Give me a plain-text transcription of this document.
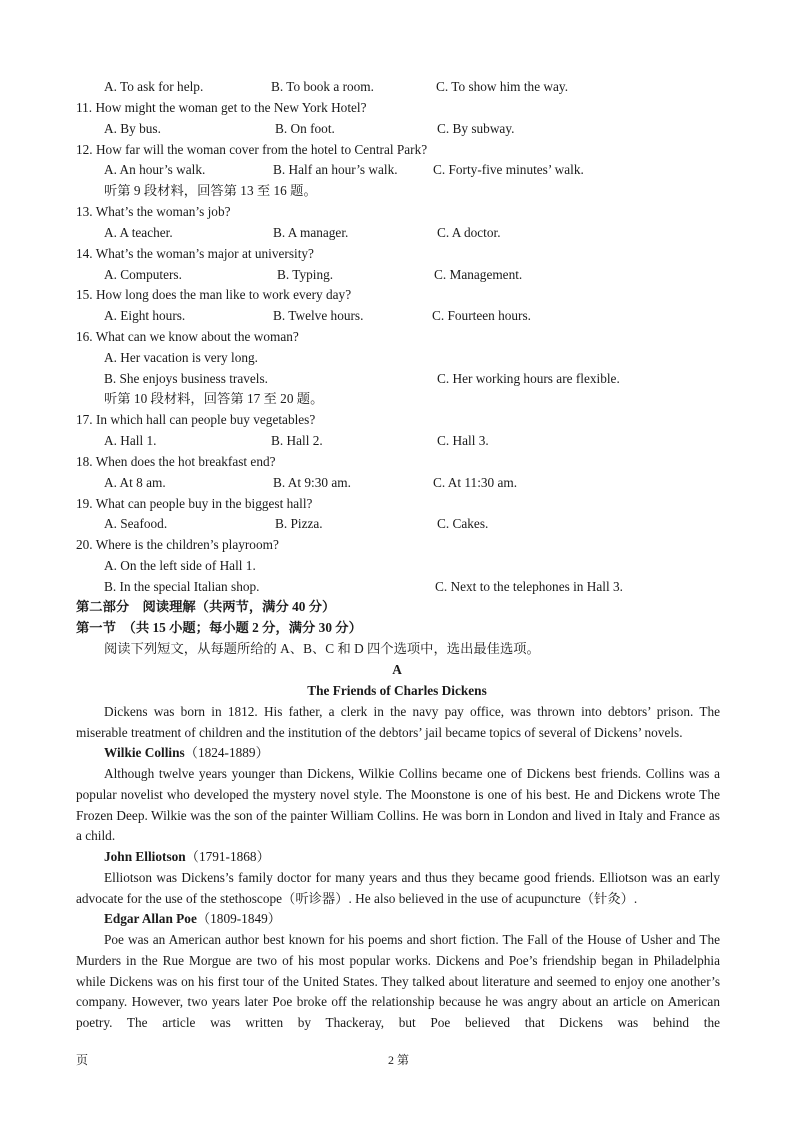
A. To ask for help.	B. To book a room.	C. To show him the way.
11. How might the woman get to the New York Hotel?
A. By bus.	B. On foot.	C. By subway.
12. How far will the woman cover from the hotel to Central Park?
A. An hour’s walk.	B. Half an hour’s walk.	C. Forty-five minutes’ walk.
听第 9 段材料，回答第 13 至 16 题。
13. What’s the woman’s job?
A. A teacher.	B. A manager.	C. A doctor.
14. What’s the woman’s major at university?
A. Computers.	B. Typing.	C. Management.
15. How long does the man like to work every day?
A. Eight hours.	B. Twelve hours.	C. Fourteen hours.
16. What can we know about the woman?
A. Her vacation is very long.
B. She enjoys business travels.	C. Her working hours are flexible.
听第 10 段材料，回答第 17 至 20 题。
17. In which hall can people buy vegetables?
A. Hall 1.	B. Hall 2.	C. Hall 3.
18. When does the hot breakfast end?
A. At 8 am.	B. At 9:30 am.	C. At 11:30 am.
19. What can people buy in the biggest hall?
A. Seafood.	B. Pizza.	C. Cakes.
20. Where is the children’s playroom?
A. On the left side of Hall 1.
B. In the special Italian shop.	C. Next to the telephones in Hall 3.
第二部分　阅读理解（共两节，满分 40 分）
第一节　（共 15 小题；每小题 2 分，满分 30 分）
阅读下列短文，从每题所给的 A、B、C 和 D 四个选项中，选出最佳选项。
A
The Friends of Charles Dickens
Dickens was born in 1812. His father, a clerk in the navy pay office, was thrown into debtors’ prison. The miserable treatment of children and the institution of the debtors’ jail became topics of several of Dickens’ novels.
Wilkie Collins（1824-1889）
Although twelve years younger than Dickens, Wilkie Collins became one of Dickens best friends. Collins was a popular novelist who developed the mystery novel style. The Moonstone is one of his best. He and Dickens wrote The Frozen Deep. Wilkie was the son of the painter William Collins. He was born in London and lived in Italy and France as a child.
John Elliotson（1791-1868）
Elliotson was Dickens’s family doctor for many years and thus they became good friends. Elliotson was an early advocate for the use of the stethoscope（听诊器）. He also believed in the use of acupuncture（针灸）.
Edgar Allan Poe（1809-1849）
Poe was an American author best known for his poems and short fiction. The Fall of the House of Usher and The Murders in the Rue Morgue are two of his most popular works. Dickens and Poe’s friendship began in Philadelphia while Dickens was on his first tour of the United States. They talked about literature and seemed to enjoy one another’s company. However, two years later Poe broke off the relationship because he was angry about an article on American poetry. The article was written by Thackeray, but Poe believed that Dickens was behind the
页	2 第
